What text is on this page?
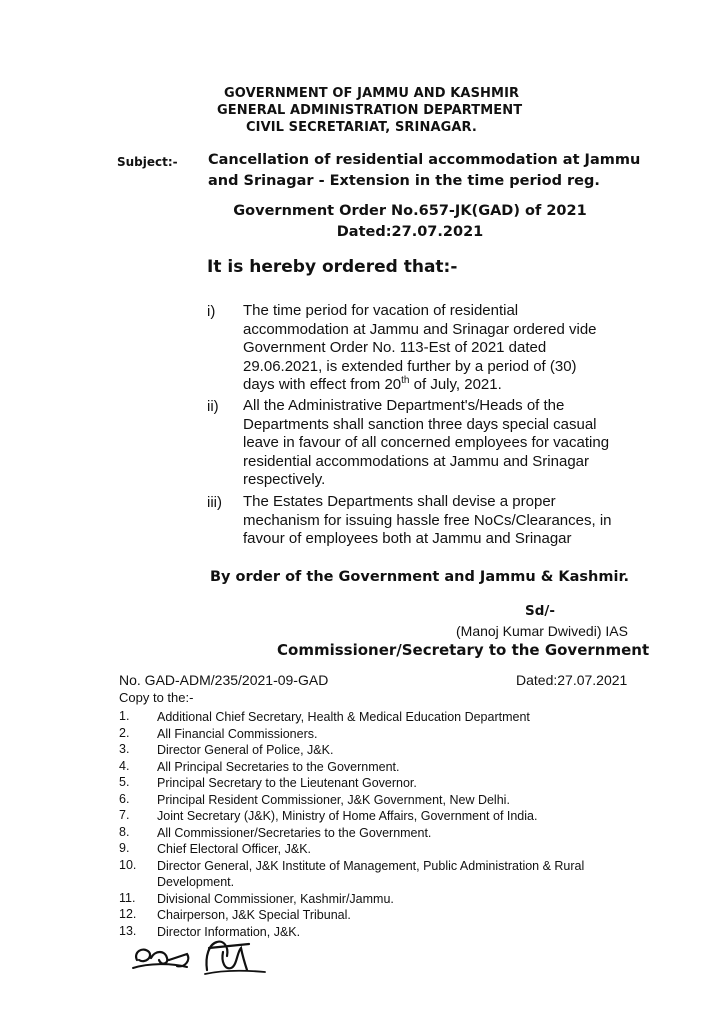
GOVERNMENT OF JAMMU AND KASHMIR
GENERAL ADMINISTRATION DEPARTMENT
CIVIL SECRETARIAT, SRINAGAR.
Subject:- Cancellation of residential accommodation at Jammu
and Srinagar - Extension in the time period reg.
Government Order No.657-JK(GAD) of 2021
Dated:27.07.2021
It is hereby ordered that:-
i) The time period for vacation of residential
accommodation at Jammu and Srinagar ordered vide
Government Order No. 113-Est of 2021 dated
29.06.2021, is extended further by a period of (30)
days with effect from 20th of July, 2021.
ii) All the Administrative Department's/Heads of the
Departments shall sanction three days special casual
leave in favour of all concerned employees for vacating
residential accommodations at Jammu and Srinagar
respectively.
iii) The Estates Departments shall devise a proper
mechanism for issuing hassle free NoCs/Clearances, in
favour of employees both at Jammu and Srinagar
By order of the Government and Jammu & Kashmir.
Sd/-
(Manoj Kumar Dwivedi) IAS
Commissioner/Secretary to the Government
No. GAD-ADM/235/2021-09-GAD	Dated:27.07.2021
Copy to the:-
1.	Additional Chief Secretary, Health & Medical Education Department
2.	All Financial Commissioners.
3.	Director General of Police, J&K.
4.	All Principal Secretaries to the Government.
5.	Principal Secretary to the Lieutenant Governor.
6.	Principal Resident Commissioner, J&K Government, New Delhi.
7.	Joint Secretary (J&K), Ministry of Home Affairs, Government of India.
8.	All Commissioner/Secretaries to the Government.
9.	Chief Electoral Officer, J&K.
10.	Director General, J&K Institute of Management, Public Administration & Rural
Development.
11.	Divisional Commissioner, Kashmir/Jammu.
12.	Chairperson, J&K Special Tribunal.
13.	Director Information, J&K.
